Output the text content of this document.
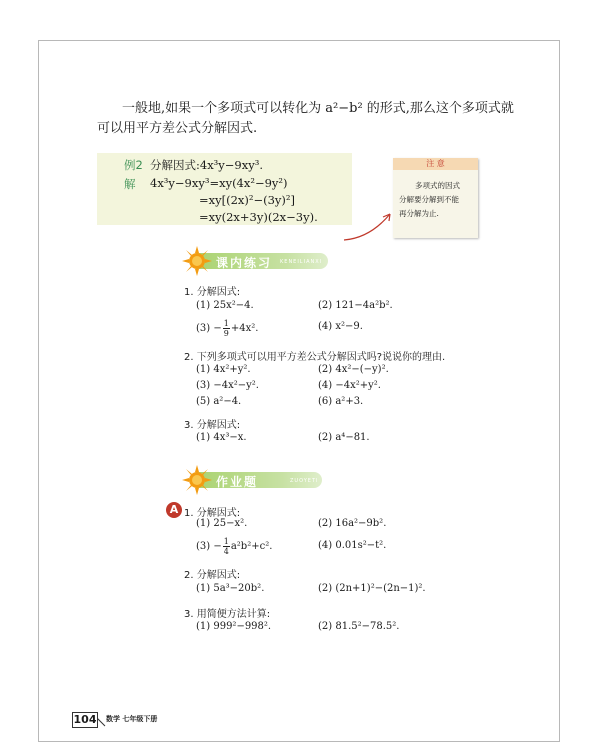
一般地,如果一个多项式可以转化为 a²−b² 的形式,那么这个多项式就
可以用平方差公式分解因式.
例2 分解因式:4x³y−9xy³.
解 4x³y−9xy³=xy(4x²−9y²)
=xy[(2x)²−(3y)²]
=xy(2x+3y)(2x−3y).
注 意
多项式的因式
分解要分解到不能
再分解为止.
课内练习 KENEILIANXI
1. 分解因式:
(1) 25x²−4.	(2) 121−4a²b².
$(3) - \frac{1}{9} +4x^2$.	(4) x²−9.
2. 下列多项式可以用平方差公式分解因式吗?说说你的理由.
(1) 4x²+y².	(2) 4x²−(−y)².
(3) −4x²−y².	(4) −4x²+y².
(5) a²−4.	(6) a²+3.
3. 分解因式:
(1) 4x³−x.	(2) a⁴−81.
作业题	ZUOYETI
A 1. 分解因式:
(1) 25−x².	(2) 16a²−9b².
$(3) - \frac{1}{4} a^2b^2+c^2$.	(4) 0.01s²−t².
2. 分解因式:
(1) 5a³−20b².	(2) (2n+1)²−(2n−1)².
3. 用简便方法计算:
(1) 999²−998².	(2) 81.5²−78.5².
104 数学 七年级下册
